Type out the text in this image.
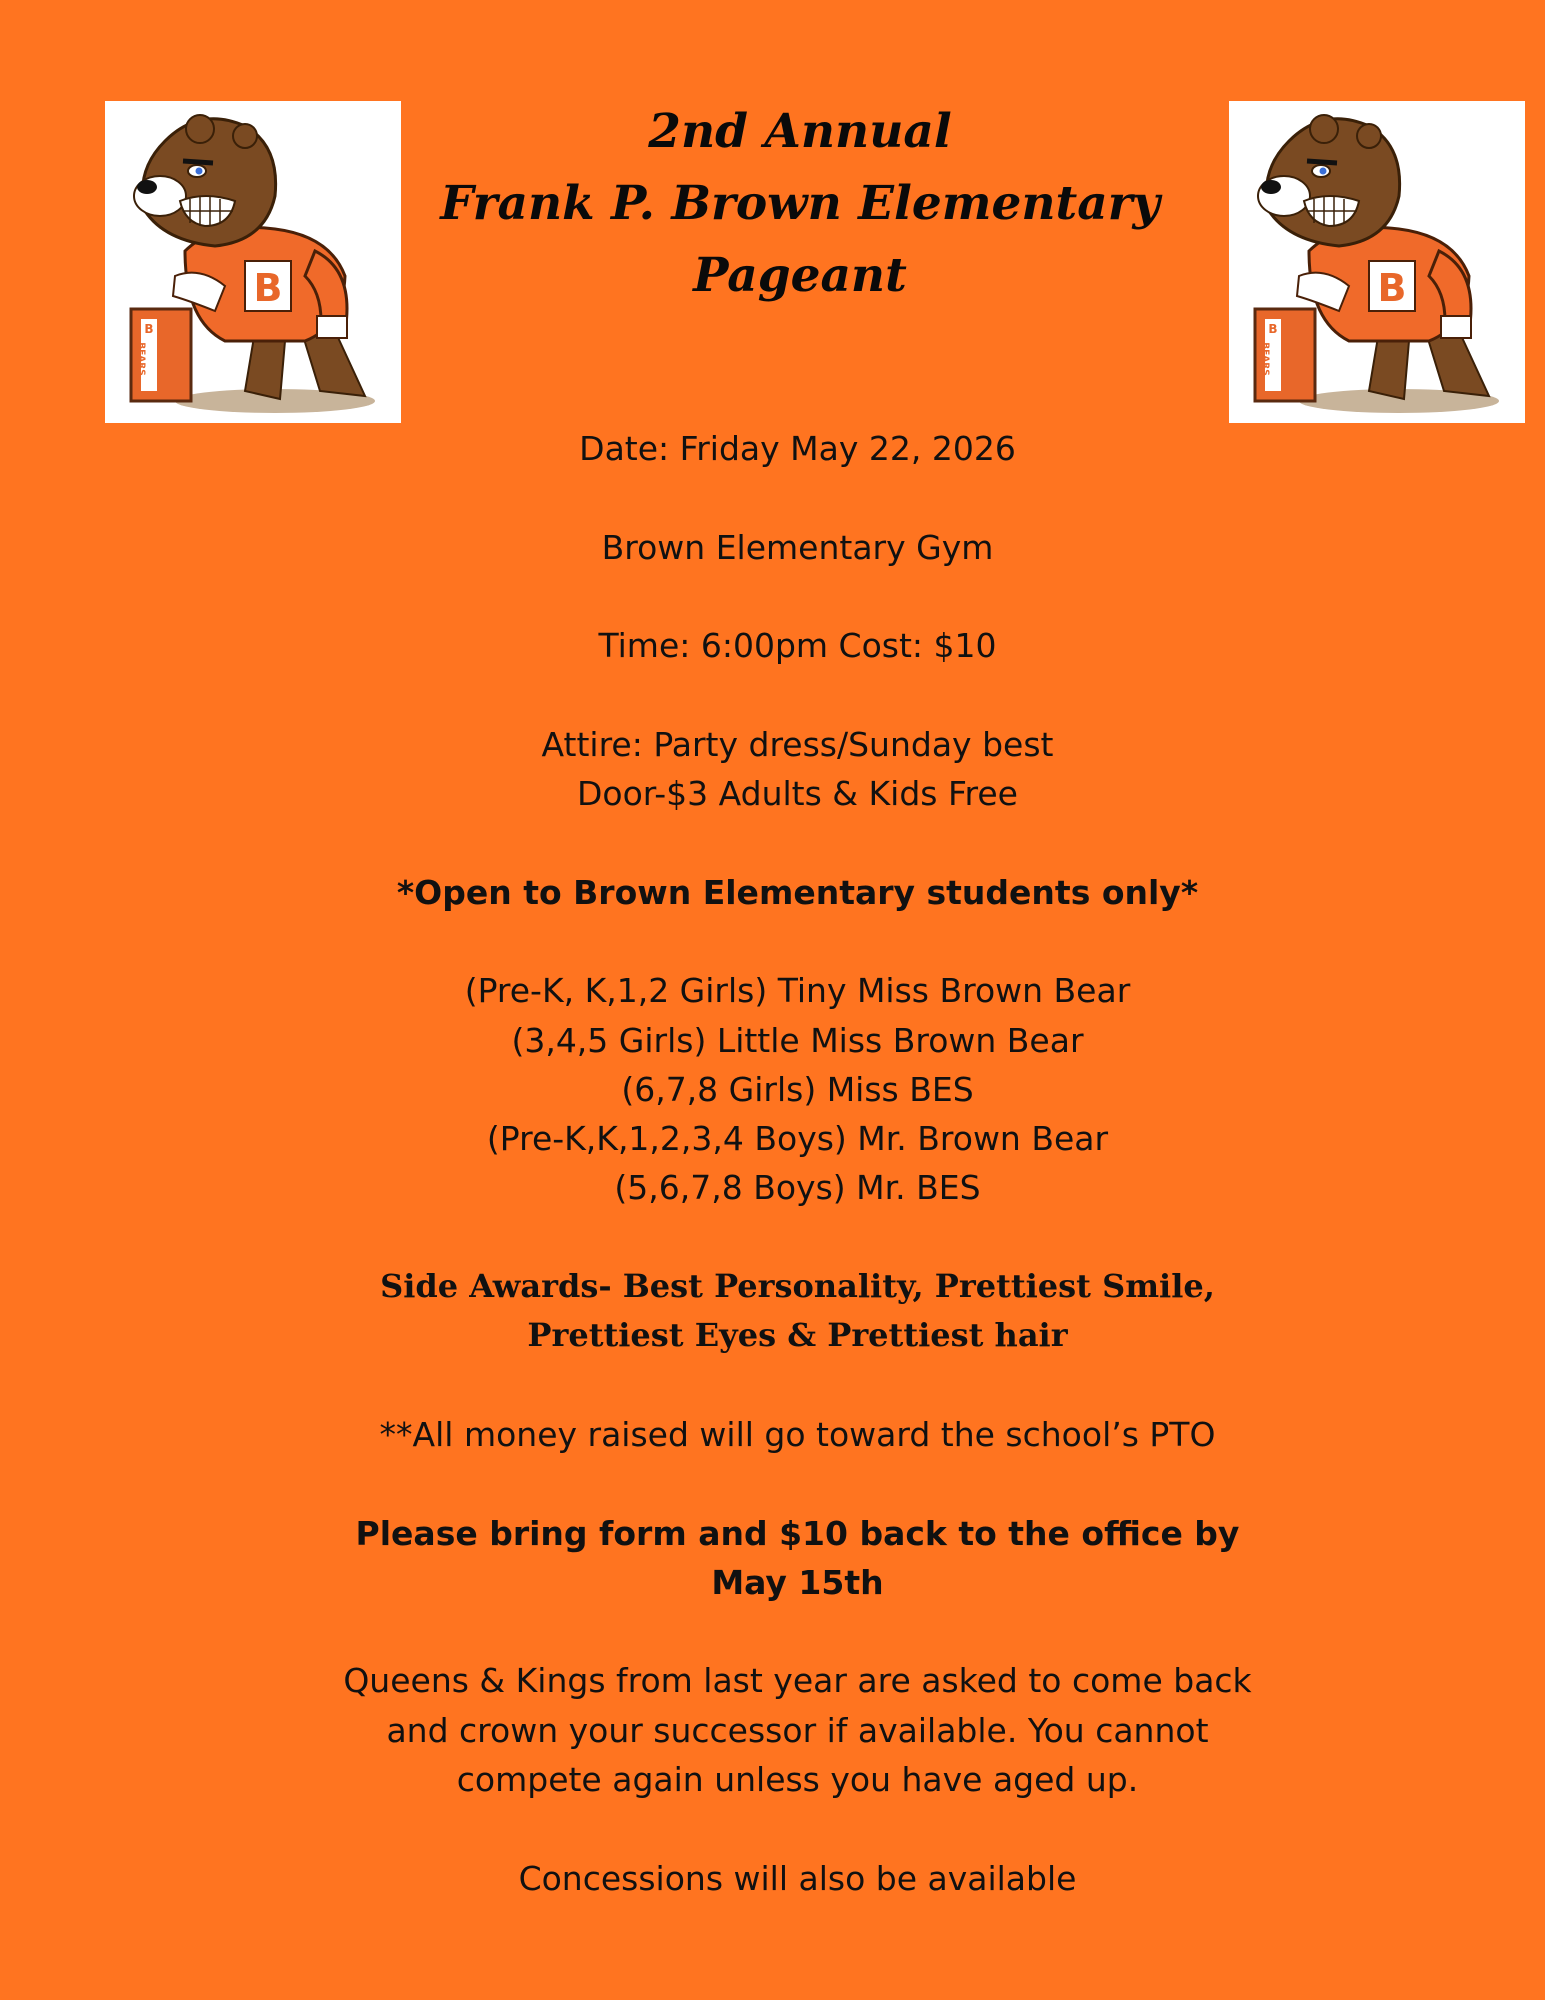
B
BEARS
B
B
BEARS
B
2nd Annual
Frank P. Brown Elementary
Pageant

Date: Friday May 22, 2026

Brown Elementary Gym

Time: 6:00pm Cost: $10

Attire: Party dress/Sunday best

Door-$3 Adults & Kids Free

*Open to Brown Elementary students only*

(Pre-K, K,1,2 Girls) Tiny Miss Brown Bear

(3,4,5 Girls) Little Miss Brown Bear

(6,7,8 Girls) Miss BES

(Pre-K,K,1,2,3,4 Boys) Mr. Brown Bear

(5,6,7,8 Boys) Mr. BES

Side Awards- Best Personality, Prettiest Smile,

Prettiest Eyes & Prettiest hair

**All money raised will go toward the school’s PTO

Please bring form and $10 back to the office by

May 15th

Queens & Kings from last year are asked to come back

and crown your successor if available. You cannot

compete again unless you have aged up.

Concessions will also be available
